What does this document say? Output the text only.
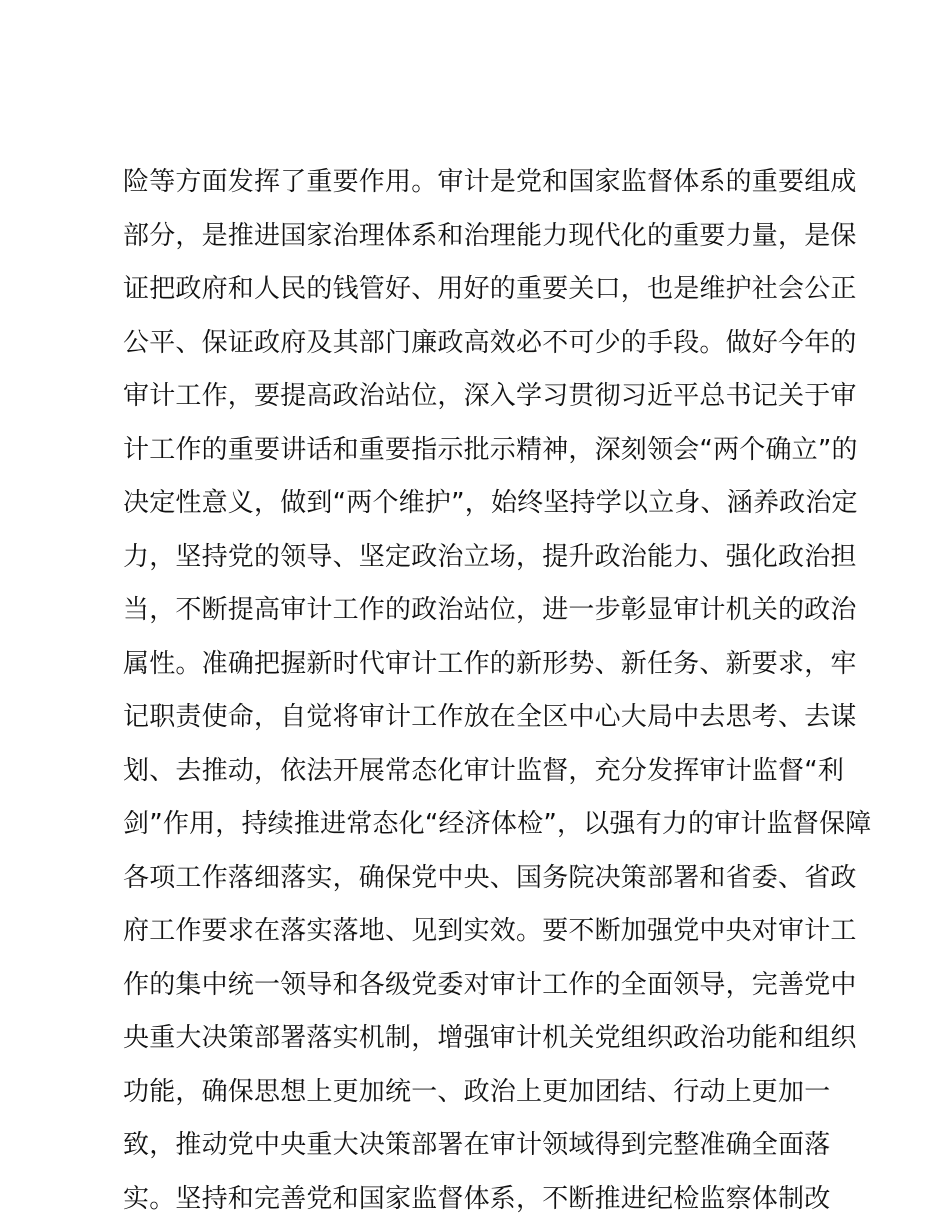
险等方面发挥了重要作用。审计是党和国家监督体系的重要组成
部分，是推进国家治理体系和治理能力现代化的重要力量，是保
证把政府和人民的钱管好、用好的重要关口，也是维护社会公正
公平、保证政府及其部门廉政高效必不可少的手段。做好今年的
审计工作，要提高政治站位，深入学习贯彻习近平总书记关于审
计工作的重要讲话和重要指示批示精神，深刻领会“两个确立”的
决定性意义，做到“两个维护”，始终坚持学以立身、涵养政治定
力，坚持党的领导、坚定政治立场，提升政治能力、强化政治担
当，不断提高审计工作的政治站位，进一步彰显审计机关的政治
属性。准确把握新时代审计工作的新形势、新任务、新要求，牢
记职责使命，自觉将审计工作放在全区中心大局中去思考、去谋
划、去推动，依法开展常态化审计监督，充分发挥审计监督“利
剑”作用，持续推进常态化“经济体检”，以强有力的审计监督保障
各项工作落细落实，确保党中央、国务院决策部署和省委、省政
府工作要求在落实落地、见到实效。要不断加强党中央对审计工
作的集中统一领导和各级党委对审计工作的全面领导，完善党中
央重大决策部署落实机制，增强审计机关党组织政治功能和组织
功能，确保思想上更加统一、政治上更加团结、行动上更加一
致，推动党中央重大决策部署在审计领域得到完整准确全面落
实。坚持和完善党和国家监督体系，不断推进纪检监察体制改
